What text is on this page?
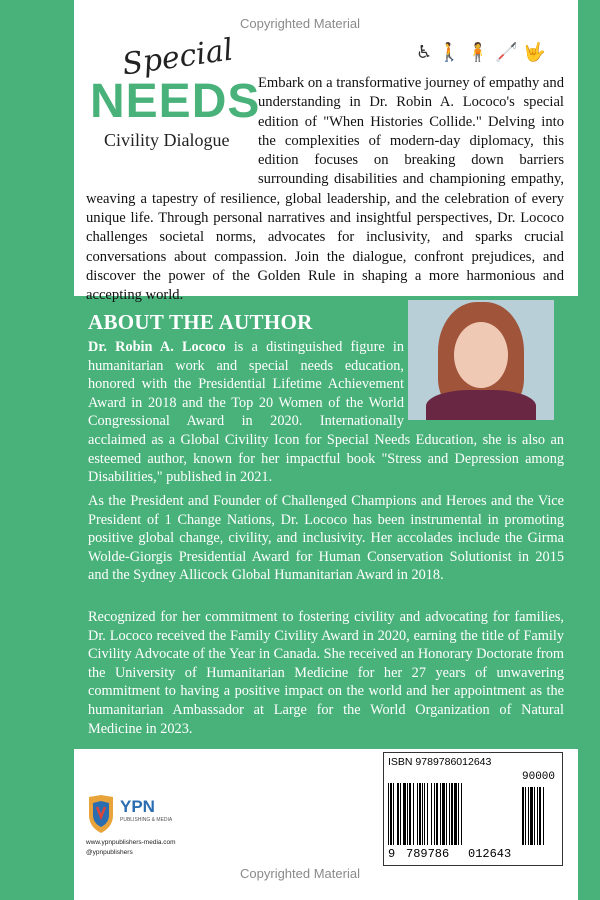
Copyrighted Material
Special
NEEDS
Civility Dialogue
♿ 🚶 🧍 🦯 🤟
Embark on a transformative journey of empathy and understanding in Dr. Robin A. Lococo's special edition of "When Histories Collide." Delving into the complexities of modern-day diplomacy, this edition focuses on breaking down barriers surrounding disabilities and championing empathy, weaving a tapestry of resilience, global leadership, and the celebration of every unique life. Through personal narratives and insightful perspectives, Dr. Lococo challenges societal norms, advocates for inclusivity, and sparks crucial conversations about compassion. Join the dialogue, confront prejudices, and discover the power of the Golden Rule in shaping a more harmonious and accepting world.
ABOUT THE AUTHOR

Dr. Robin A. Lococo is a distinguished figure in humanitarian work and special needs education, honored with the Presidential Lifetime Achievement Award in 2018 and the Top 20 Women of the World Congressional Award in 2020. Internationally acclaimed as a Global Civility Icon for Special Needs Education, she is also an esteemed author, known for her impactful book "Stress and Depression among Disabilities," published in 2021.

As the President and Founder of Challenged Champions and Heroes and the Vice President of 1 Change Nations, Dr. Lococo has been instrumental in promoting positive global change, civility, and inclusivity. Her accolades include the Girma Wolde-Giorgis Presidential Award for Human Conservation Solutionist in 2015 and the Sydney Allicock Global Humanitarian Award in 2018.

Recognized for her commitment to fostering civility and advocating for families, Dr. Lococo received the Family Civility Award in 2020, earning the title of Family Civility Advocate of the Year in Canada. She received an Honorary Doctorate from the University of Humanitarian Medicine for her 27 years of unwavering commitment to having a positive impact on the world and her appointment as the humanitarian Ambassador at Large for the World Organization of Natural Medicine in 2023.

ISBN 9789786012643
90000
9 789786 012643
YPN
PUBLISHING & MEDIA
www.ypnpublishers-media.com
@ypnpublishers
Copyrighted Material
